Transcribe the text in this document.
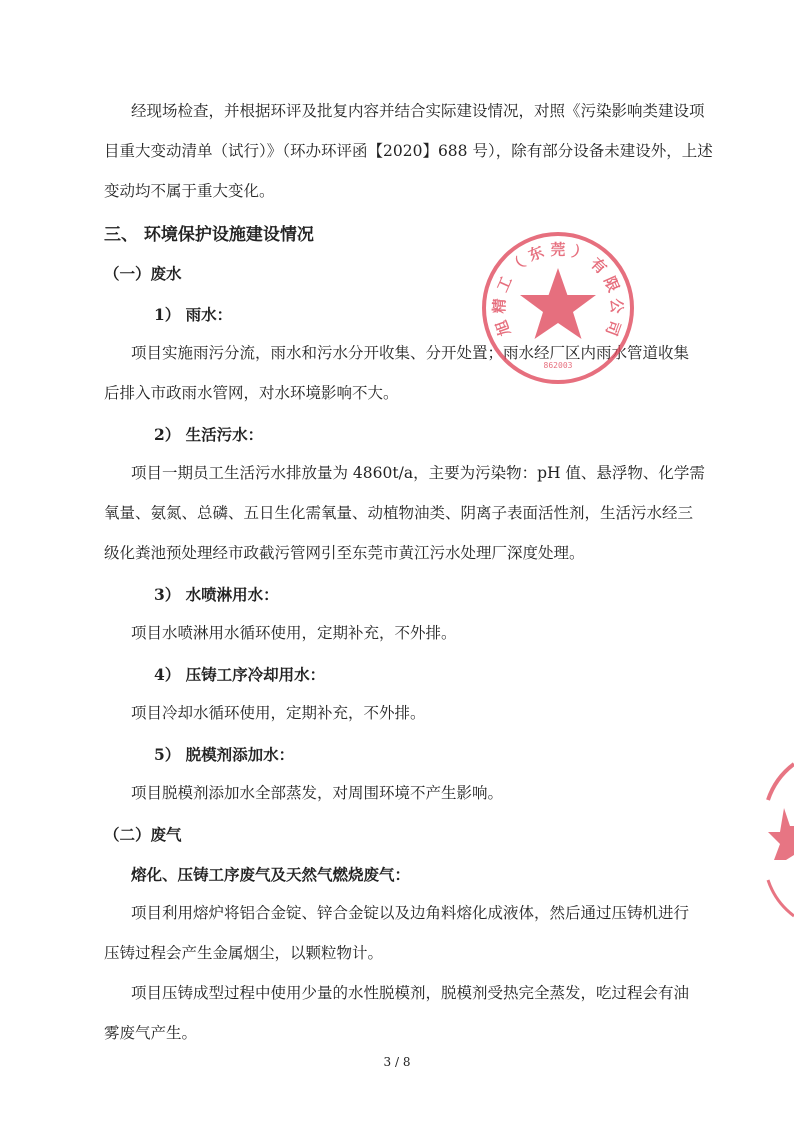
经现场检查，并根据环评及批复内容并结合实际建设情况，对照《污染影响类建设项
目重大变动清单（试行）》（环办环评函【2020】688 号），除有部分设备未建设外，上述
变动均不属于重大变化。
三、 环境保护设施建设情况
（一）废水
1） 雨水：
项目实施雨污分流，雨水和污水分开收集、分开处置；雨水经厂区内雨水管道收集
后排入市政雨水管网，对水环境影响不大。
2） 生活污水：
项目一期员工生活污水排放量为 4860t/a，主要为污染物：pH 值、悬浮物、化学需
氧量、氨氮、总磷、五日生化需氧量、动植物油类、阴离子表面活性剂，生活污水经三
级化粪池预处理经市政截污管网引至东莞市黄江污水处理厂深度处理。
3） 水喷淋用水：
项目水喷淋用水循环使用，定期补充，不外排。
4） 压铸工序冷却用水：
项目冷却水循环使用，定期补充，不外排。
5） 脱模剂添加水：
项目脱模剂添加水全部蒸发，对周围环境不产生影响。
（二）废气
熔化、压铸工序废气及天然气燃烧废气：
项目利用熔炉将铝合金锭、锌合金锭以及边角料熔化成液体，然后通过压铸机进行
压铸过程会产生金属烟尘，以颗粒物计。
项目压铸成型过程中使用少量的水性脱模剂，脱模剂受热完全蒸发，吃过程会有油
雾废气产生。
862003
旭
精
工
（
东 莞 ）
有
限
公
司
3 / 8
